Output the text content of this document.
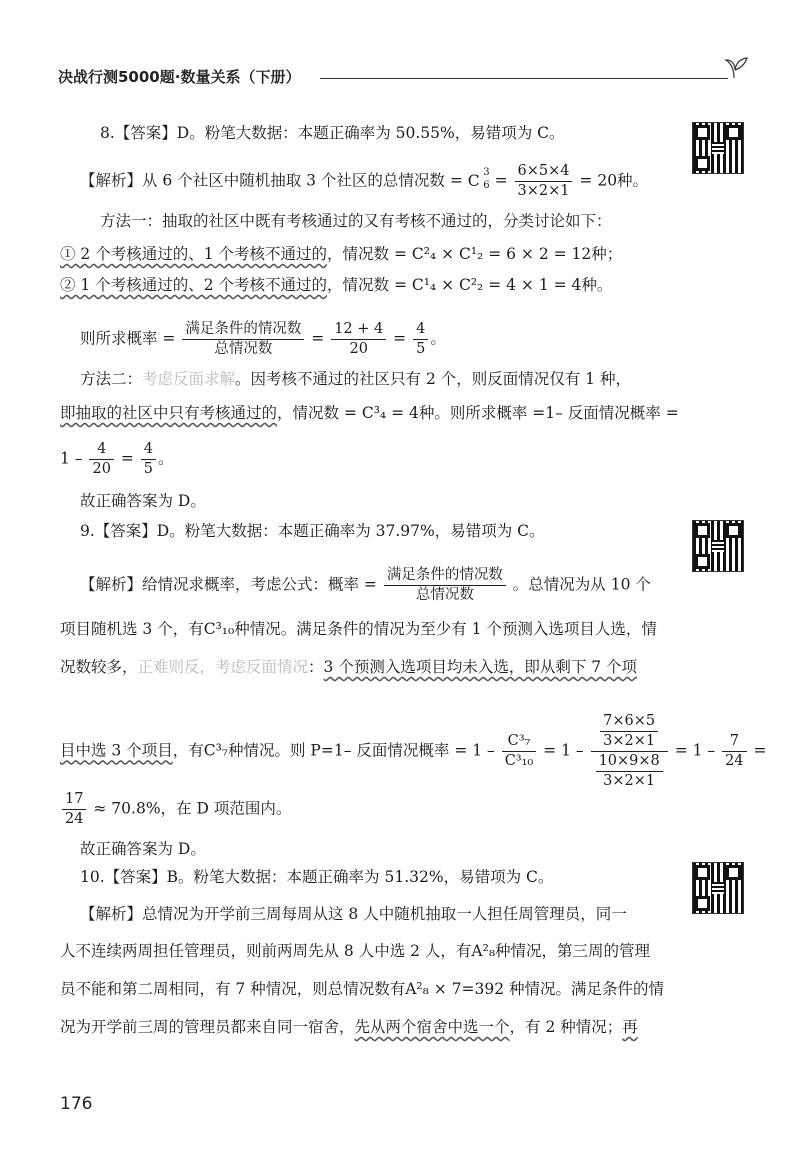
决战行测5000题·数量关系（下册）
8.【答案】D。粉笔大数据：本题正确率为 50.55%，易错项为 C。
【解析】从 6 个社区中随机抽取 3 个社区的总情况数 = C 3
$6 = \frac{6\times 5\times 4}{3\times 2\times 1} = 20$种。
方法一：抽取的社区中既有考核通过的又有考核不通过的，分类讨论如下：
① 2 个考核通过的、1 个考核不通过的，情况数 = C²₄ × C¹₂ = 6 × 2 = 12种；
② 1 个考核通过的、2 个考核不通过的，情况数 = C¹₄ × C²₂ = 4 × 1 = 4种。
则所求概率 = $\frac{\text{满足条件的情况数}}{\text{总情况数}} = \frac{12 + 4}{20} = \frac{4}{5}$ 。
方法二：考虑反面求解。因考核不通过的社区只有 2 个，则反面情况仅有 1 种，
即抽取的社区中只有考核通过的，情况数 = C³₄ = 4种。则所求概率 =1– 反面情况概率 =
$1 - \frac{4}{20} = \frac{4}{5}$ 。
故正确答案为 D。
9.【答案】D。粉笔大数据：本题正确率为 37.97%，易错项为 C。
【解析】给情况求概率，考虑公式：概率 = $\frac{\text{满足条件的情况数}}{\text{总情况数}}$ 。总情况为从 10 个
项目随机选 3 个，有C³₁₀种情况。满足条件的情况为至少有 1 个预测入选项目人选，情
况数较多，正难则反，考虑反面情况：3 个预测入选项目均未入选，即从剩下 7 个项
目中选 3 个项目，有C³₇种情况。则 P=1– 反面情况概率 = $1 - \frac{\text{C³₇}}{\text{C³₁₀}} = 1 - \frac{\frac{7\times 6\times 5}{3\times 2\times 1}}{\frac{10\times 9\times 8}{3\times 2\times 1}} = 1 - \frac{7}{24}$ =
$\frac{17}{24} \approx 70.8\%$，在 D 项范围内。
故正确答案为 D。
10.【答案】B。粉笔大数据：本题正确率为 51.32%，易错项为 C。
【解析】总情况为开学前三周每周从这 8 人中随机抽取一人担任周管理员，同一
人不连续两周担任管理员，则前两周先从 8 人中选 2 人，有A²₈种情况，第三周的管理
员不能和第二周相同，有 7 种情况，则总情况数有A²₈ × 7=392 种情况。满足条件的情
况为开学前三周的管理员都来自同一宿舍，先从两个宿舍中选一个，有 2 种情况；再
176
